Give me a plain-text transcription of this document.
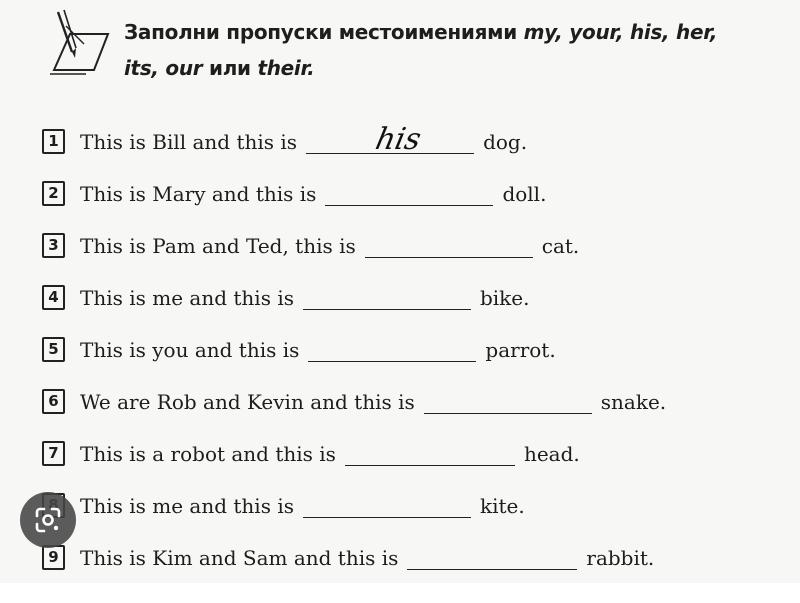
Заполни пропуски местоимениями my, your, his, her,
its, our или their.
1	This is Bill and this is	his	dog.
2	This is Mary and this is	doll.
3	This is Pam and Ted, this is	cat.
4	This is me and this is	bike.
5	This is you and this is	parrot.
6	We are Rob and Kevin and this is	snake.
7	This is a robot and this is	head.
This is me and this is	kite.
9	This is Kim and Sam and this is	rabbit.
